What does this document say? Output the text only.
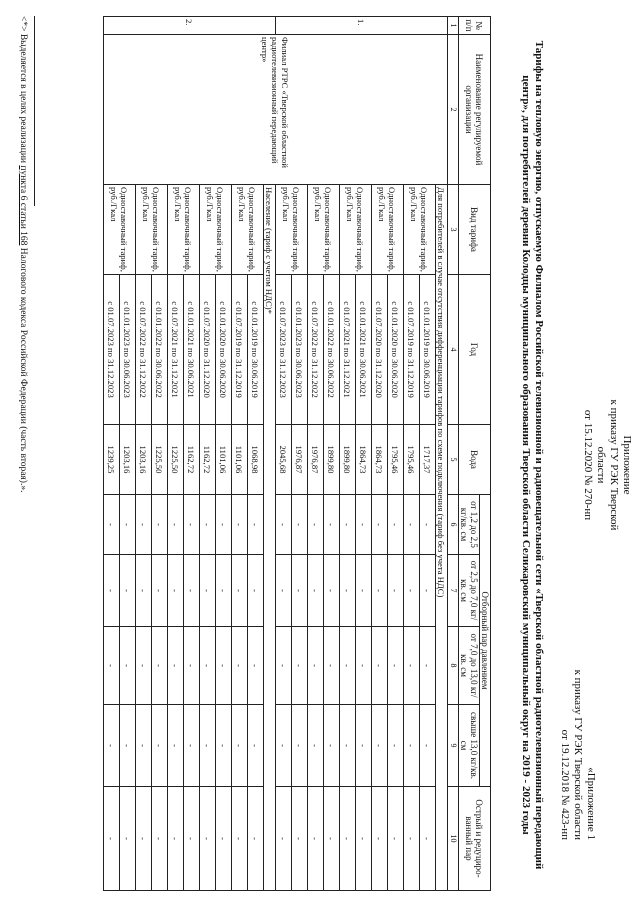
Приложение
к приказу ГУ РЭК Тверской области
от 15.12.2020 № 270-нп
«Приложение 1
к приказу ГУ РЭК Тверской области
от 19.12.2018 № 423-нп
Тарифы на тепловую энергию, отпускаемую Филиалом Российской телевизионной и радиовещательной сети «Тверской областной радиотелевизионный передающий центр», для потребителей деревни Колодцы муниципального образования Тверской области Селижаровский муниципальный округ на 2019 - 2023 годы
№ п/п	Наименование регулируемой организации	Вид тарифа	Год	Вода	Отборный пар давлением				Острый и редуциро-ванный пар
					от 1,2 до 2,5 кг/кв. см	от 2,5 до 7,0 кг/кв. см	от 7,0 до 13,0 кг/кв. см	свыше 13,0 кг/кв. см	
1	2	3	4	5	6	7	8	9	10
1.	Филиал РТРС «Тверской областной радиотелевизионный передающий центр»	Для потребителей в случае отсутствия дифференциации тарифов по схеме подключения (тариф без учета НДС)							
		Одноставочный тариф, руб./Гкал	с 01.01.2019 по 30.06.2019	1717,37	-	-	-	-	-
			с 01.07.2019 по 31.12.2019	1795,46	-	-	-	-	-
		Одноставочный тариф, руб./Гкал	с 01.01.2020 по 30.06.2020	1795,46	-	-	-	-	-
			с 01.07.2020 по 31.12.2020	1864,73	-	-	-	-	-
		Одноставочный тариф, руб./Гкал	с 01.01.2021 по 30.06.2021	1864,73	-	-	-	-	-
			с 01.07.2021 по 31.12.2021	1899,80	-	-	-	-	-
		Одноставочный тариф, руб./Гкал	с 01.01.2022 по 30.06.2022	1899,80	-	-	-	-	-
			с 01.07.2022 по 31.12.2022	1976,87	-	-	-	-	-
		Одноставочный тариф, руб./Гкал	с 01.01.2023 по 30.06.2023	1976,87	-	-	-	-	-
			с 01.07.2023 по 31.12.2023	2045,68	-	-	-	-	-
2.		Население (тариф с учетом НДС)*							
		Одноставочный тариф, руб./Гкал	с 01.01.2019 по 30.06.2019	1068,98	-	-	-	-	-
			с 01.07.2019 по 31.12.2019	1101,06	-	-	-	-	-
		Одноставочный тариф, руб./Гкал	с 01.01.2020 по 30.06.2020	1101,06	-	-	-	-	-
			с 01.07.2020 по 31.12.2020	1162,72	-	-	-	-	-
		Одноставочный тариф, руб./Гкал	с 01.01.2021 по 30.06.2021	1162,72	-	-	-	-	-
			с 01.07.2021 по 31.12.2021	1225,50	-	-	-	-	-
		Одноставочный тариф, руб./Гкал	с 01.01.2022 по 30.06.2022	1225,50	-	-	-	-	-
			с 01.07.2022 по 31.12.2022	1203,16	-	-	-	-	-
		Одноставочный тариф, руб./Гкал	с 01.01.2023 по 30.06.2023	1203,16	-	-	-	-	-
			с 01.07.2023 по 31.12.2023	1239,25	-	-	-	-	-
<*> Выделяется в целях реализации пункта 6 статьи 168 Налогового кодекса Российской Федерации (часть вторая).».
